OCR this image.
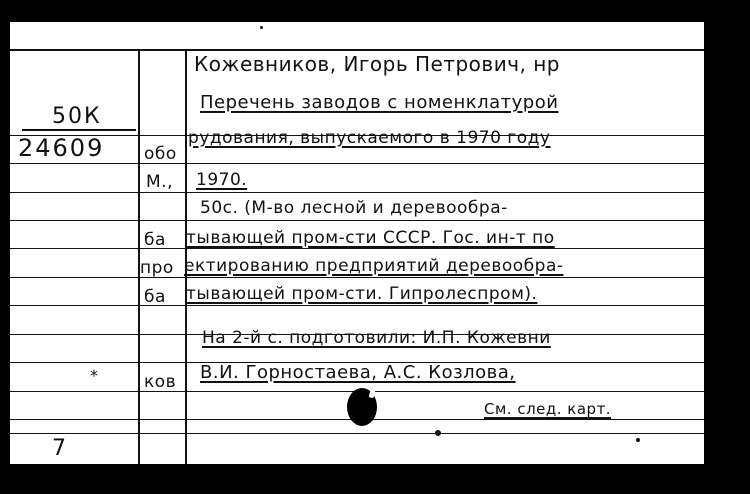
50К
24609 обо
М.,
ба
про
ба
ков
*
7
Кожевников, Игорь Петрович, нр
Перечень заводов с номенклатурой
рудования, выпускаемого в 1970 году
1970.
50с. (М-во лесной и деревообра-
тывающей пром-сти СССР. Гос. ин-т по
ектированию предприятий деревообра-
тывающей пром-сти. Гипролеспром).
На 2-й с. подготовили: И.П. Кожевни
В.И. Горностаева, А.С. Козлова,
См. след. карт.
